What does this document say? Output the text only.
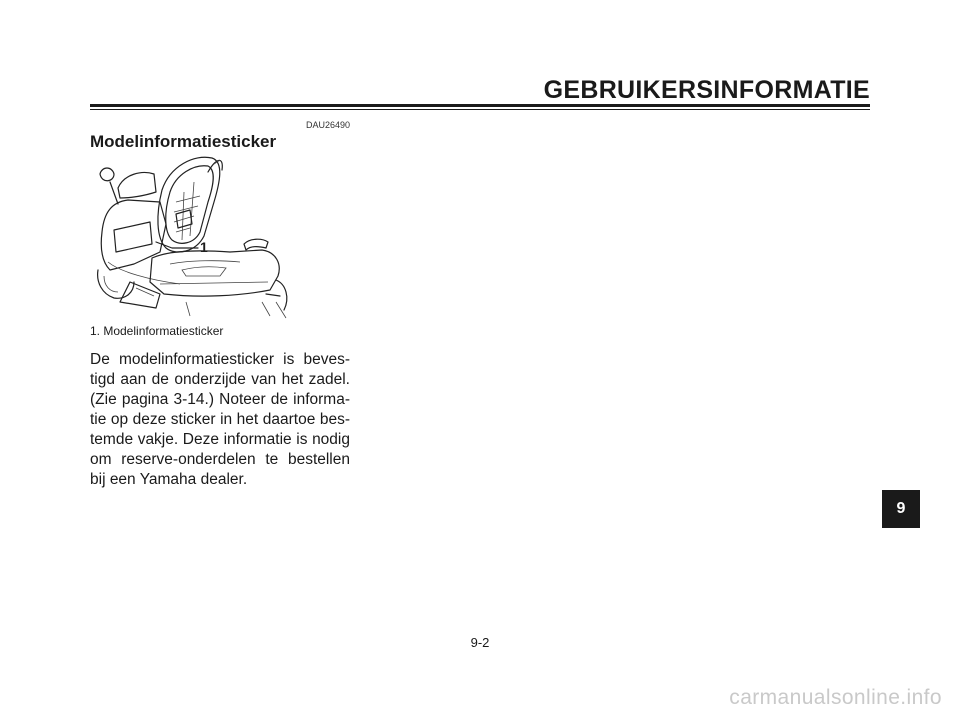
GEBRUIKERSINFORMATIE
DAU26490
Modelinformatiesticker
1
1. Modelinformatiesticker

De modelinformatiesticker is beves-tigd aan de onderzijde van het zadel. (Zie pagina 3-14.) Noteer de informa-tie op deze sticker in het daartoe bes-temde vakje. Deze informatie is nodig om reserve-onderdelen te bestellen bij een Yamaha dealer.

9
9-2
carmanualsonline.info
